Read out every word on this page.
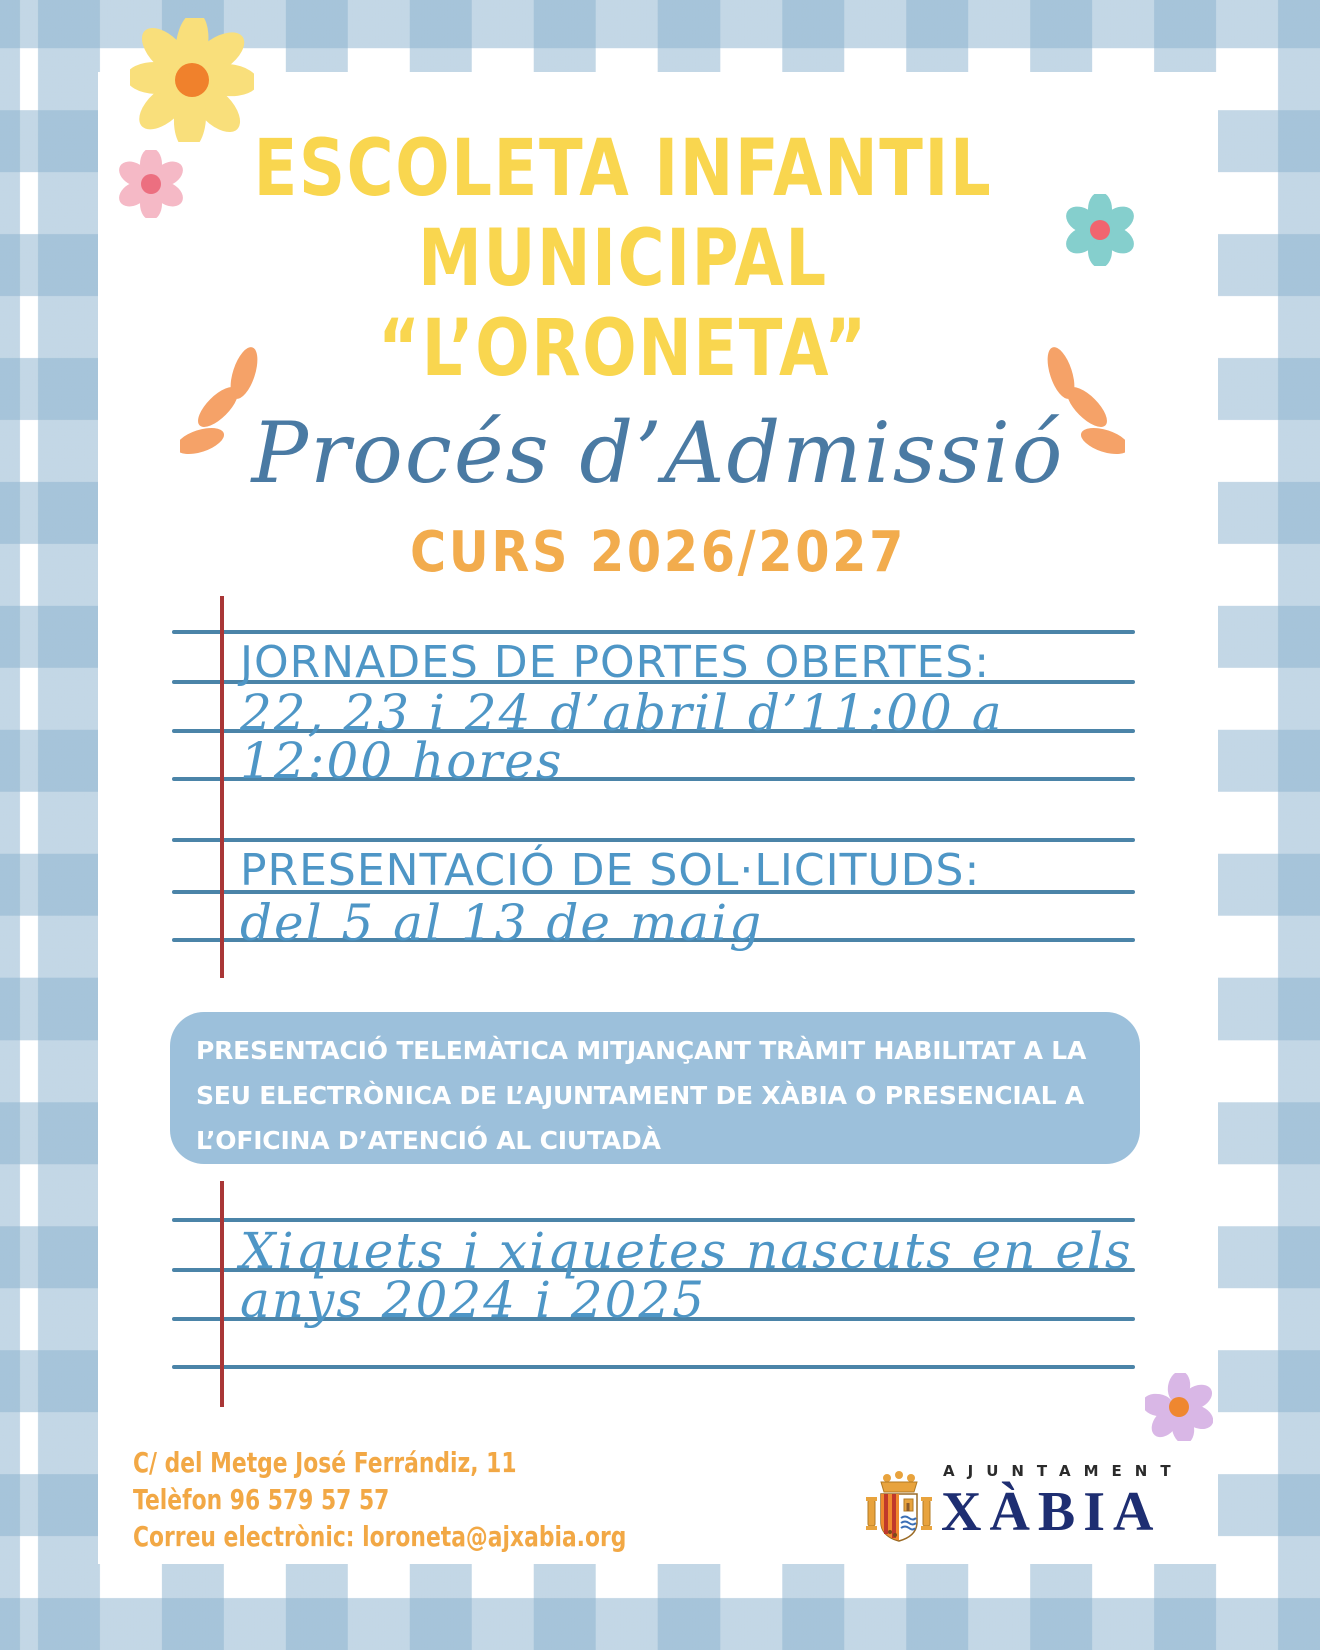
ESCOLETA INFANTIL
MUNICIPAL
“L’ORONETA”
Procés d’Admissió
CURS 2026/2027
JORNADES DE PORTES OBERTES:
22, 23 i 24 d’abril d’11:00 a
12:00 hores
PRESENTACIÓ DE SOL·LICITUDS:
del 5 al 13 de maig
PRESENTACIÓ TELEMÀTICA MITJANÇANT TRÀMIT HABILITAT A LA
SEU ELECTRÒNICA DE L’AJUNTAMENT DE XÀBIA O PRESENCIAL A
L’OFICINA D’ATENCIÓ AL CIUTADÀ
Xiquets i xiquetes nascuts en els
anys 2024 i 2025
C/ del Metge José Ferrándiz, 11
Telèfon 96 579 57 57
Correu electrònic: loroneta@ajxabia.org
AJUNTAMENT
XÀBIA
